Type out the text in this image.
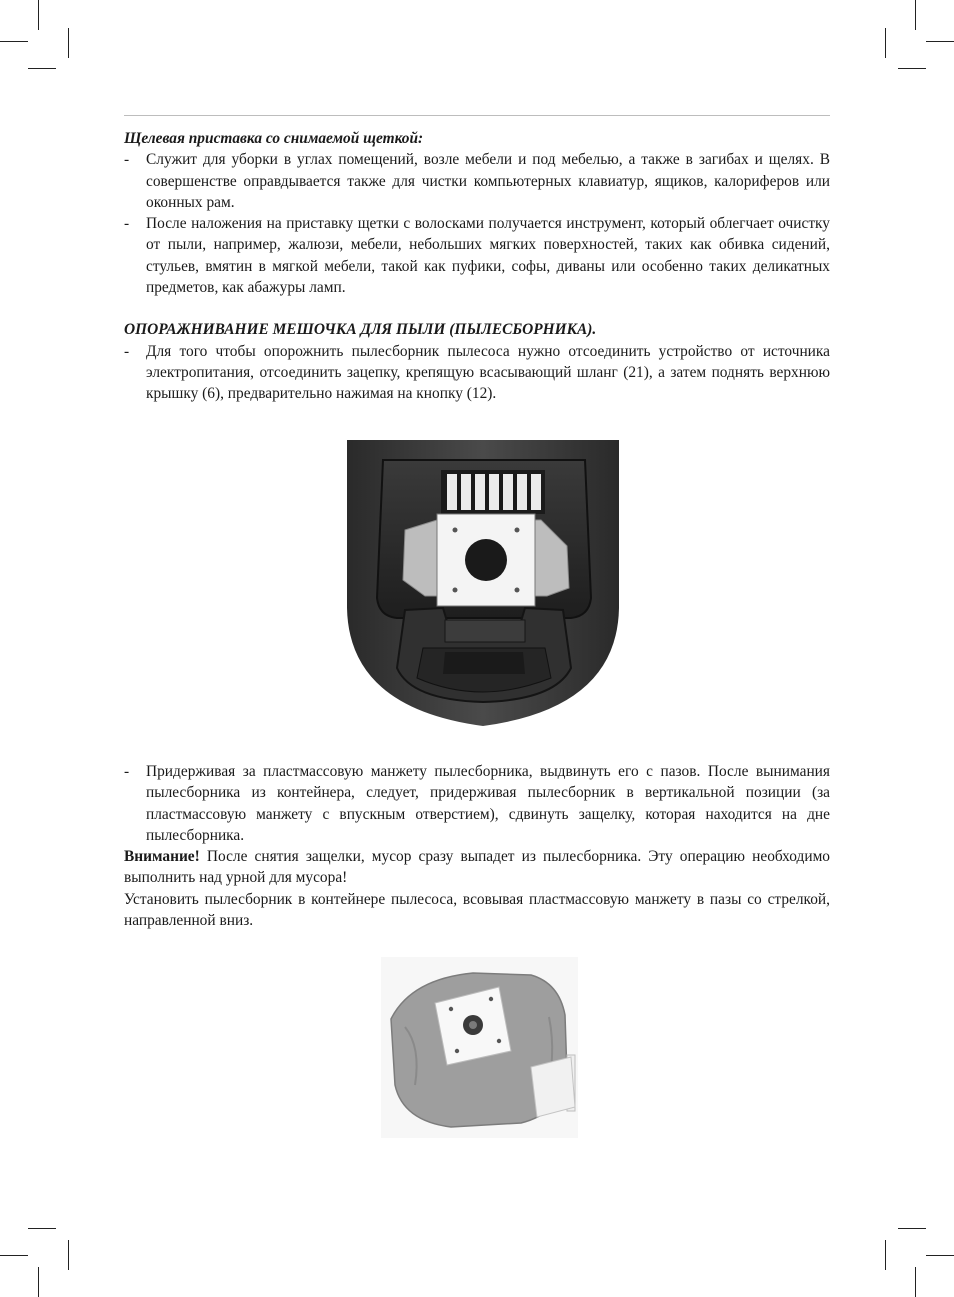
Щелевая приставка со снимаемой щеткой:

- Служит для уборки в углах помещений, возле мебели и под мебелью, а также в загибах и щелях. В совершенстве оправдывается также для чистки компьютерных клавиатур, ящиков, калориферов или оконных рам.
- После наложения на приставку щетки с волосками получается инструмент, который облегчает очистку от пыли, например, жалюзи, мебели, небольших мягких поверхностей, таких как обивка сидений, стульев, вмятин в мягкой мебели, такой как пуфики, софы, диваны или особенно таких деликатных предметов, как абажуры ламп.

ОПОРАЖНИВАНИЕ МЕШОЧКА ДЛЯ ПЫЛИ (ПЫЛЕСБОРНИКА).

- Для того чтобы опорожнить пылесборник пылесоса нужно отсоединить устройство от источника электропитания, отсоединить зацепку, крепящую всасывающий шланг (21), а затем поднять верхнюю крышку (6), предварительно нажимая на кнопку (12).
- Придерживая за пластмассовую манжету пылесборника, выдвинуть его с пазов. После вынимания пылесборника из контейнера, следует, придерживая пылесборник в вертикальной позиции (за пластмассовую манжету с впускным отверстием), сдвинуть защелку, которая находится на дне пылесборника.

Внимание! После снятия защелки, мусор сразу выпадет из пылесборника. Эту операцию необходимо выполнить над урной для мусора!

Установить пылесборник в контейнере пылесоса, всовывая пластмассовую манжету в пазы со стрелкой, направленной вниз.
